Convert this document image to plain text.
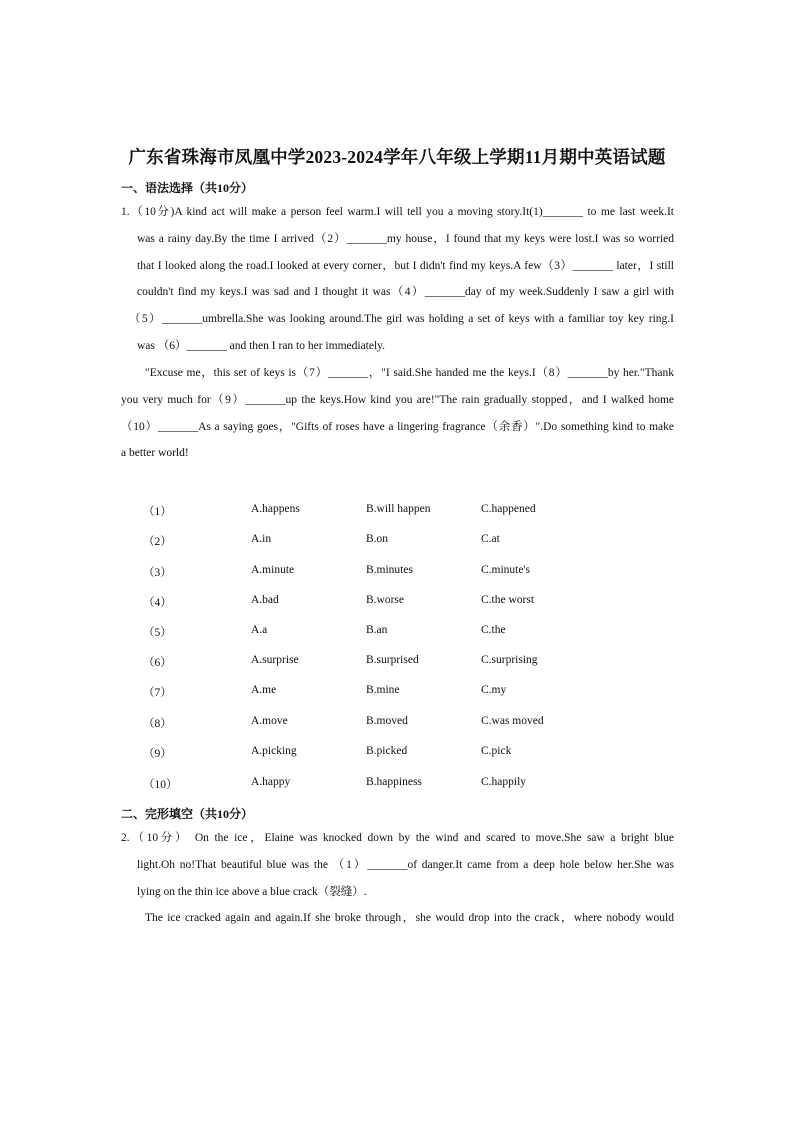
广东省珠海市凤凰中学2023-2024学年八年级上学期11月期中英语试题
一、语法选择（共10分）
1.（10分)A kind act will make a person feel warm.I will tell you a moving story.It(1)_______ to me last week.It
was a rainy day.By the time I arrived（2）_______my house，I found that my keys were lost.I was so worried
that I looked along the road.I looked at every corner，but I didn't find my keys.A few（3）_______ later，I still
couldn't find my keys.I was sad and I thought it was（4）_______day of my week.Suddenly I saw a girl with
（5）_______umbrella.She was looking around.The girl was holding a set of keys with a familiar toy key ring.I
was （6）_______ and then I ran to her immediately.
"Excuse me，this set of keys is（7）_______，"I said.She handed me the keys.I（8）_______by her."Thank
you very much for（9）_______up the keys.How kind you are!"The rain gradually stopped，and I walked home
（10）_______As a saying goes，"Gifts of roses have a lingering fragrance（余香）".Do something kind to make
a better world!
（1）	A.happens	B.will happen	C.happened
（2）	A.in	B.on	C.at
（3）	A.minute	B.minutes	C.minute's
（4）	A.bad	B.worse	C.the worst
（5）	A.a	B.an	C.the
（6）	A.surprise	B.surprised	C.surprising
（7）	A.me	B.mine	C.my
（8）	A.move	B.moved	C.was moved
（9）	A.picking	B.picked	C.pick
（10）	A.happy	B.happiness	C.happily
二、完形填空（共10分）
2.（10分） On the ice，Elaine was knocked down by the wind and scared to move.She saw a bright blue
light.Oh no!That beautiful blue was the （1）_______of danger.It came from a deep hole below her.She was
lying on the thin ice above a blue crack（裂缝）.
The ice cracked again and again.If she broke through，she would drop into the crack，where nobody would
